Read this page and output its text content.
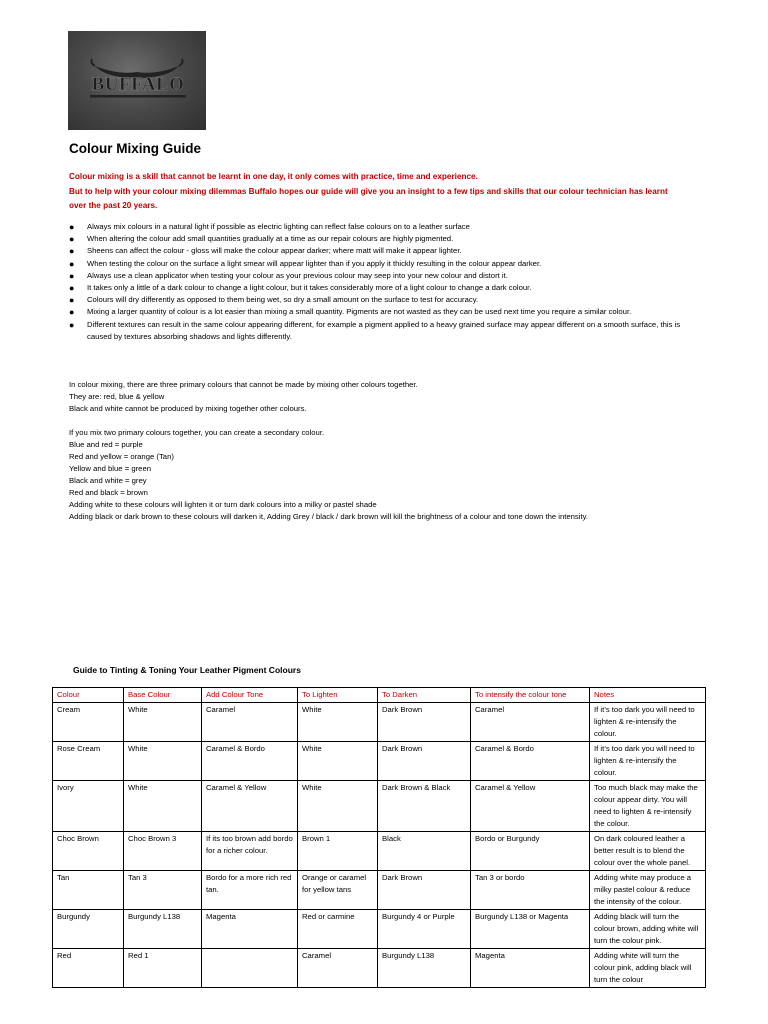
BUFFALO
Colour Mixing Guide
Colour mixing is a skill that cannot be learnt in one day, it only comes with practice, time and experience.
But to help with your colour mixing dilemmas Buffalo hopes our guide will give you an insight to a few tips and skills that our colour technician has learnt
over the past 20 years.
● Always mix colours in a natural light if possible as electric lighting can reflect false colours on to a leather surface
● When altering the colour add small quantities gradually at a time as our repair colours are highly pigmented.
● Sheens can affect the colour - gloss will make the colour appear darker; where matt will make it appear lighter.
● When testing the colour on the surface a light smear will appear lighter than if you apply it thickly resulting in the colour appear darker.
● Always use a clean applicator when testing your colour as your previous colour may seep into your new colour and distort it.
● It takes only a little of a dark colour to change a light colour, but it takes considerably more of a light colour to change a dark colour.
● Colours will dry differently as opposed to them being wet, so dry a small amount on the surface to test for accuracy.
● Mixing a larger quantity of colour is a lot easier than mixing a small quantity. Pigments are not wasted as they can be used next time you require a similar colour.
● Different textures can result in the same colour appearing different, for example a pigment applied to a heavy grained surface may appear different on a smooth surface, this is caused by textures absorbing shadows and lights differently.
In colour mixing, there are three primary colours that cannot be made by mixing other colours together.
They are: red, blue & yellow
Black and white cannot be produced by mixing together other colours.
If you mix two primary colours together, you can create a secondary colour.
Blue and red = purple
Red and yellow = orange (Tan)
Yellow and blue = green
Black and white = grey
Red and black = brown
Adding white to these colours will lighten it or turn dark colours into a milky or pastel shade
Adding black or dark brown to these colours will darken it, Adding Grey / black / dark brown will kill the brightness of a colour and tone down the intensity.
Guide to Tinting & Toning Your Leather Pigment Colours
Colour	Base Colour	Add Colour Tone	To Lighten	To Darken	To intensify the colour tone	Notes
Cream	White	Caramel	White	Dark Brown	Caramel	If it’s too dark you will need to lighten & re-intensify the colour.
Rose Cream	White	Caramel & Bordo	White	Dark Brown	Caramel & Bordo	If it’s too dark you will need to lighten & re-intensify the colour.
Ivory	White	Caramel & Yellow	White	Dark Brown & Black	Caramel & Yellow	Too much black may make the colour appear dirty. You will need to lighten & re-intensify the colour.
Choc Brown	Choc Brown 3	If its too brown add bordo for a richer colour.	Brown 1	Black	Bordo or Burgundy	On dark coloured leather a better result is to blend the colour over the whole panel.
Tan	Tan 3	Bordo for a more rich red tan.	Orange or caramel for yellow tans	Dark Brown	Tan 3 or bordo	Adding white may produce a milky pastel colour & reduce the intensity of the colour.
Burgundy	Burgundy L138	Magenta	Red or carmine	Burgundy 4 or Purple	Burgundy L138 or Magenta	Adding black will turn the colour brown, adding white will turn the colour pink.
Red	Red 1		Caramel	Burgundy L138	Magenta	Adding white will turn the colour pink, adding black will turn the colour
